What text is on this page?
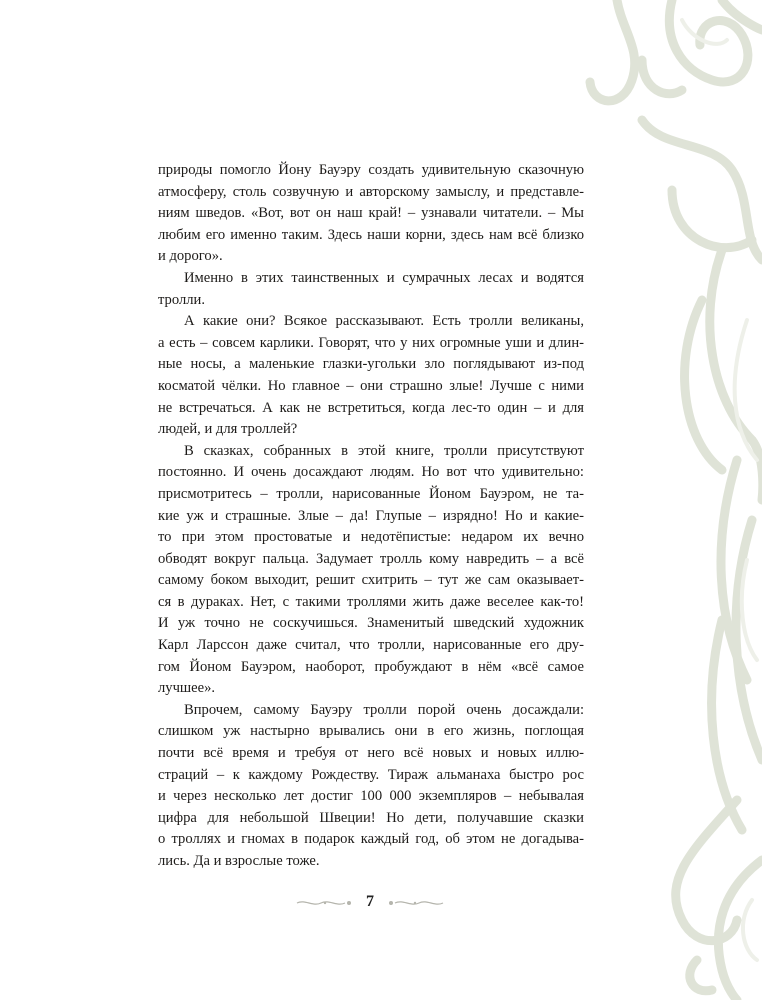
природы помогло Йону Бауэру создать удивительную сказочную
атмосферу, столь созвучную и авторскому замыслу, и представле-
ниям шведов. «Вот, вот он наш край! – узнавали читатели. – Мы
любим его именно таким. Здесь наши корни, здесь нам всё близко
и дорого».
Именно в этих таинственных и сумрачных лесах и водятся
тролли.
А какие они? Всякое рассказывают. Есть тролли великаны,
а есть – совсем карлики. Говорят, что у них огромные уши и длин-
ные носы, а маленькие глазки-угольки зло поглядывают из-под
косматой чёлки. Но главное – они страшно злые! Лучше с ними
не встречаться. А как не встретиться, когда лес-то один – и для
людей, и для троллей?
В сказках, собранных в этой книге, тролли присутствуют
постоянно. И очень досаждают людям. Но вот что удивительно:
присмотритесь – тролли, нарисованные Йоном Бауэром, не та-
кие уж и страшные. Злые – да! Глупые – изрядно! Но и какие-
то при этом простоватые и недотёпистые: недаром их вечно
обводят вокруг пальца. Задумает тролль кому навредить – а всё
самому боком выходит, решит схитрить – тут же сам оказывает-
ся в дураках. Нет, с такими троллями жить даже веселее как-то!
И уж точно не соскучишься. Знаменитый шведский художник
Карл Ларссон даже считал, что тролли, нарисованные его дру-
гом Йоном Бауэром, наоборот, пробуждают в нём «всё самое
лучшее».
Впрочем, самому Бауэру тролли порой очень досаждали:
слишком уж настырно врывались они в его жизнь, поглощая
почти всё время и требуя от него всё новых и новых иллю-
страций – к каждому Рождеству. Тираж альманаха быстро рос
и через несколько лет достиг 100 000 экземпляров – небывалая
цифра для небольшой Швеции! Но дети, получавшие сказки
о троллях и гномах в подарок каждый год, об этом не догадыва-
лись. Да и взрослые тоже.
7
